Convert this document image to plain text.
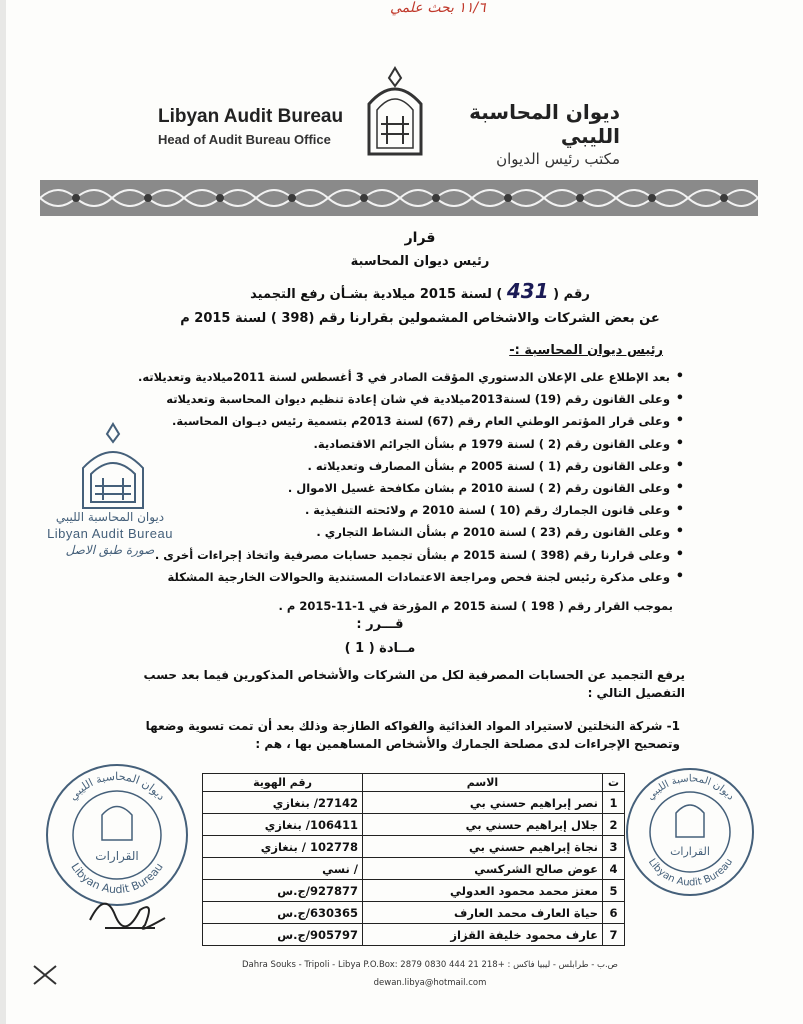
١١/٦ بحث علمي
Libyan Audit Bureau
Head of Audit Bureau Office
ديوان المحاسبة الليبي
مكتب رئيس الديوان
قرار
رئيس ديوان المحاسبة
رقم ( 431 ) لسنة 2015 ميلادية بشـأن رفع التجميد
عن بعض الشركات والاشخاص المشمولين بقرارنا رقم (398 ) لسنة 2015 م
رئيس ديوان المحاسبة :-
• بعد الإطلاع على الإعلان الدستوري المؤقت الصادر في 3 أغسطس لسنة 2011ميلادية وتعديلاته.
• وعلى القانون رقم (19) لسنة2013ميلادية في شان إعادة تنظيم ديوان المحاسبة وتعديلاته
• وعلى قرار المؤتمر الوطني العام رقم (67) لسنة 2013م بتسمية رئيس ديـوان المحاسبة.
• وعلى القانون رقم (2 ) لسنة 1979 م بشأن الجرائم الاقتصادية.
• وعلى القانون رقم (1 ) لسنة 2005 م بشأن المصارف وتعديلاته .
• وعلى القانون رقم (2 ) لسنة 2010 م بشان مكافحة غسيل الاموال .
• وعلى قانون الجمارك رقم (10 ) لسنة 2010 م ولائحته التنفيذية .
• وعلى القانون رقم (23 ) لسنة 2010 م بشأن النشاط التجاري .
• وعلى قرارنا رقم (398 ) لسنة 2015 م بشأن تجميد حسابات مصرفية واتخاذ إجراءات أخرى .
• وعلى مذكرة رئيس لجنة فحص ومراجعة الاعتمادات المستندية والحوالات الخارجية المشكلة
بموجب القرار رقم ( 198 ) لسنة 2015 م المؤرخة في 1-11-2015 م .
قـــرر :
مــادة ( 1 )
يرفع التجميد عن الحسابات المصرفية لكل من الشركات والأشخاص المذكورين فيما بعد حسب التفصيل التالي :
1- شركة النخلتين لاستيراد المواد الغذائية والفواكه الطازجة وذلك بعد أن تمت تسوية وضعها وتصحيح الإجراءات لدى مصلحة الجمارك والأشخاص المساهمين بها ، هم :
ت	الاسم	رقم الهوية
1	نصر إبراهيم حسني بي	27142/ بنغازي
2	جلال إبراهيم حسني بي	106411/ بنغازي
3	نجاة إبراهيم حسني بي	102778 / بنغازي
4	عوض صالح الشركسي	/ نسي
5	معتز محمد محمود العدولي	927877/ج.س
6	حياة العارف محمد العارف	630365/ج.س
7	عارف محمود خليفة القزاز	905797/ج.س
ديوان المحاسبة الليبي
Libyan Audit Bureau
صورة طبق الاصل
ديوان المحاسبة الليبي
Libyan Audit Bureau
القرارات
ديوان المحاسبة الليبي
Libyan Audit Bureau
القرارات
Dahra Souks - Tripoli - Libya P.O.Box: 2879 ص.ب - طرابلس - ليبيا فاكس : +218 21 444 0830
dewan.libya@hotmail.com
